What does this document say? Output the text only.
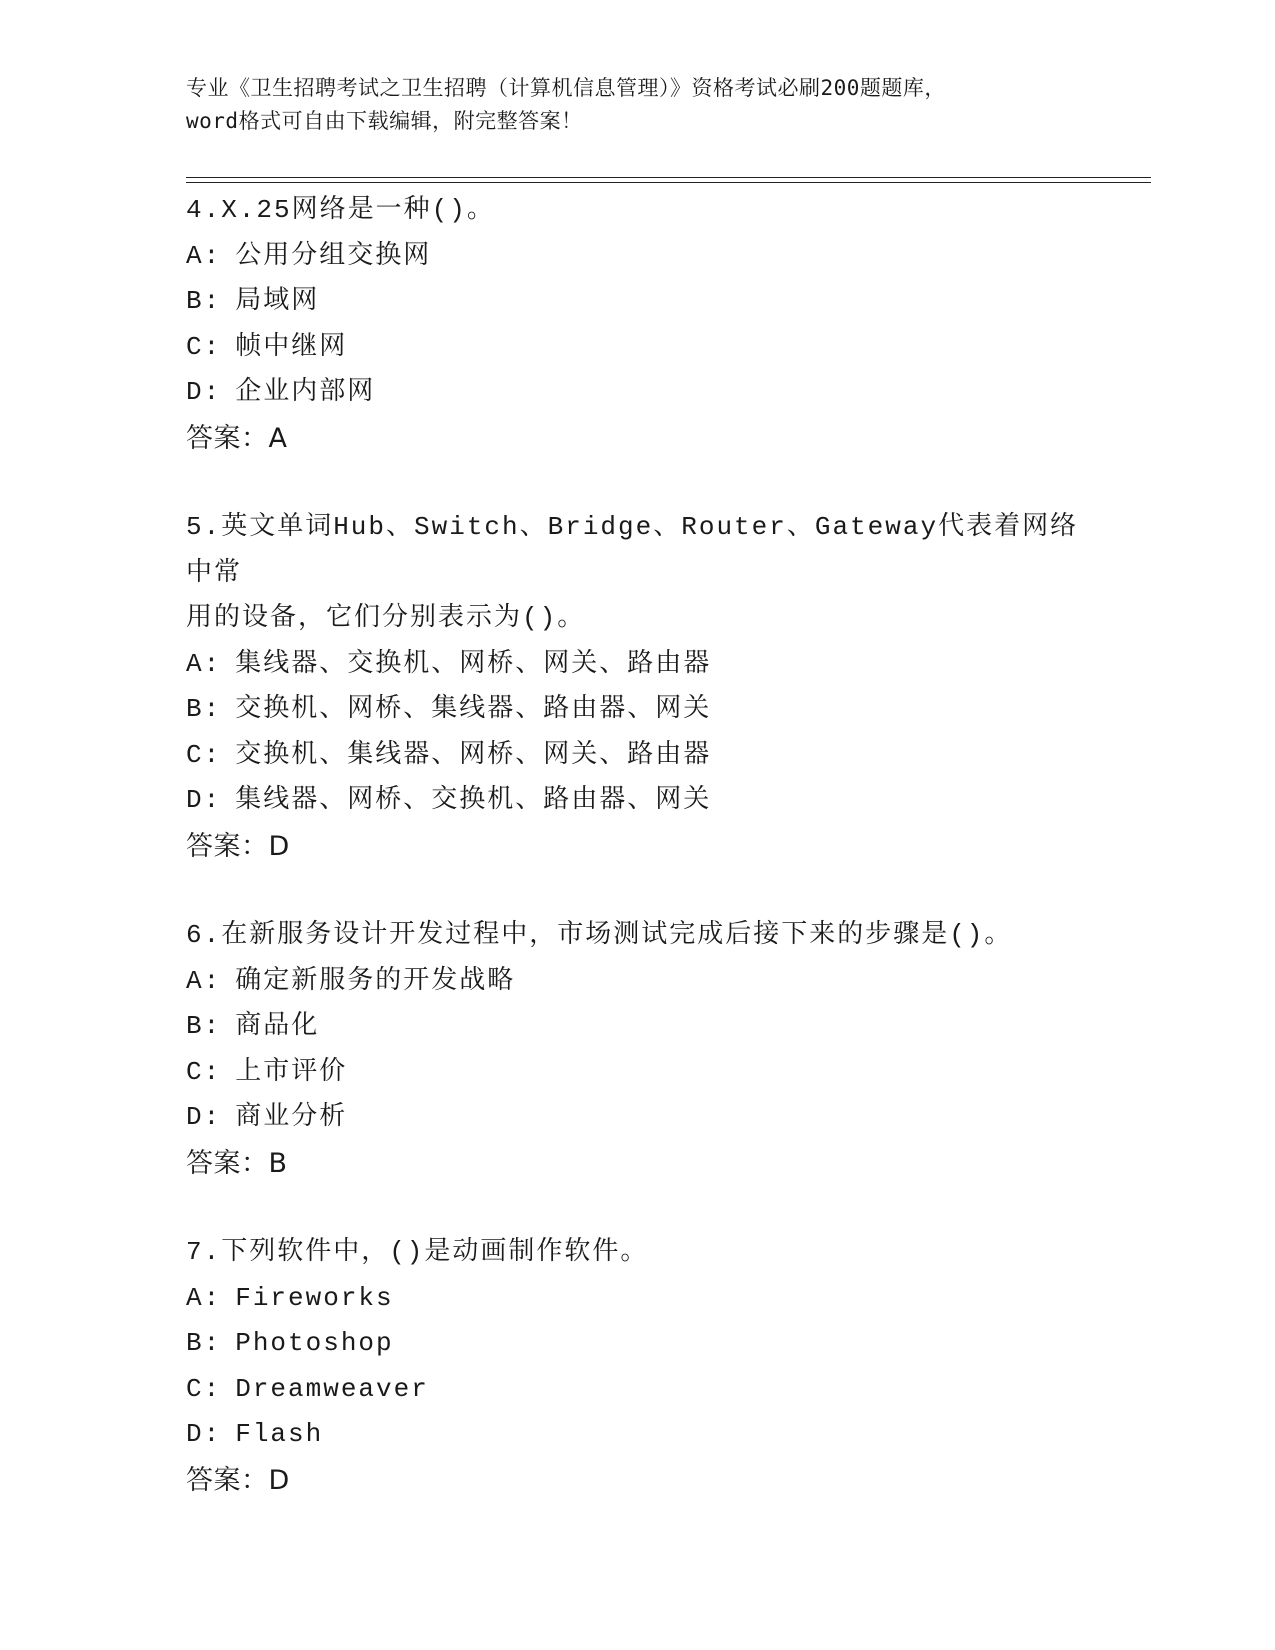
专业《卫生招聘考试之卫生招聘（计算机信息管理）》资格考试必刷200题题库，

word格式可自由下载编辑，附完整答案！

4.X.25网络是一种()。

A: 公用分组交换网

B: 局域网

C: 帧中继网

D: 企业内部网

答案：A

5.英文单词Hub、Switch、Bridge、Router、Gateway代表着网络中常

用的设备，它们分别表示为()。

A: 集线器、交换机、网桥、网关、路由器

B: 交换机、网桥、集线器、路由器、网关

C: 交换机、集线器、网桥、网关、路由器

D: 集线器、网桥、交换机、路由器、网关

答案：D

6.在新服务设计开发过程中，市场测试完成后接下来的步骤是()。

A: 确定新服务的开发战略

B: 商品化

C: 上市评价

D: 商业分析

答案：B

7.下列软件中，()是动画制作软件。

A: Fireworks

B: Photoshop

C: Dreamweaver

D: Flash

答案：D
